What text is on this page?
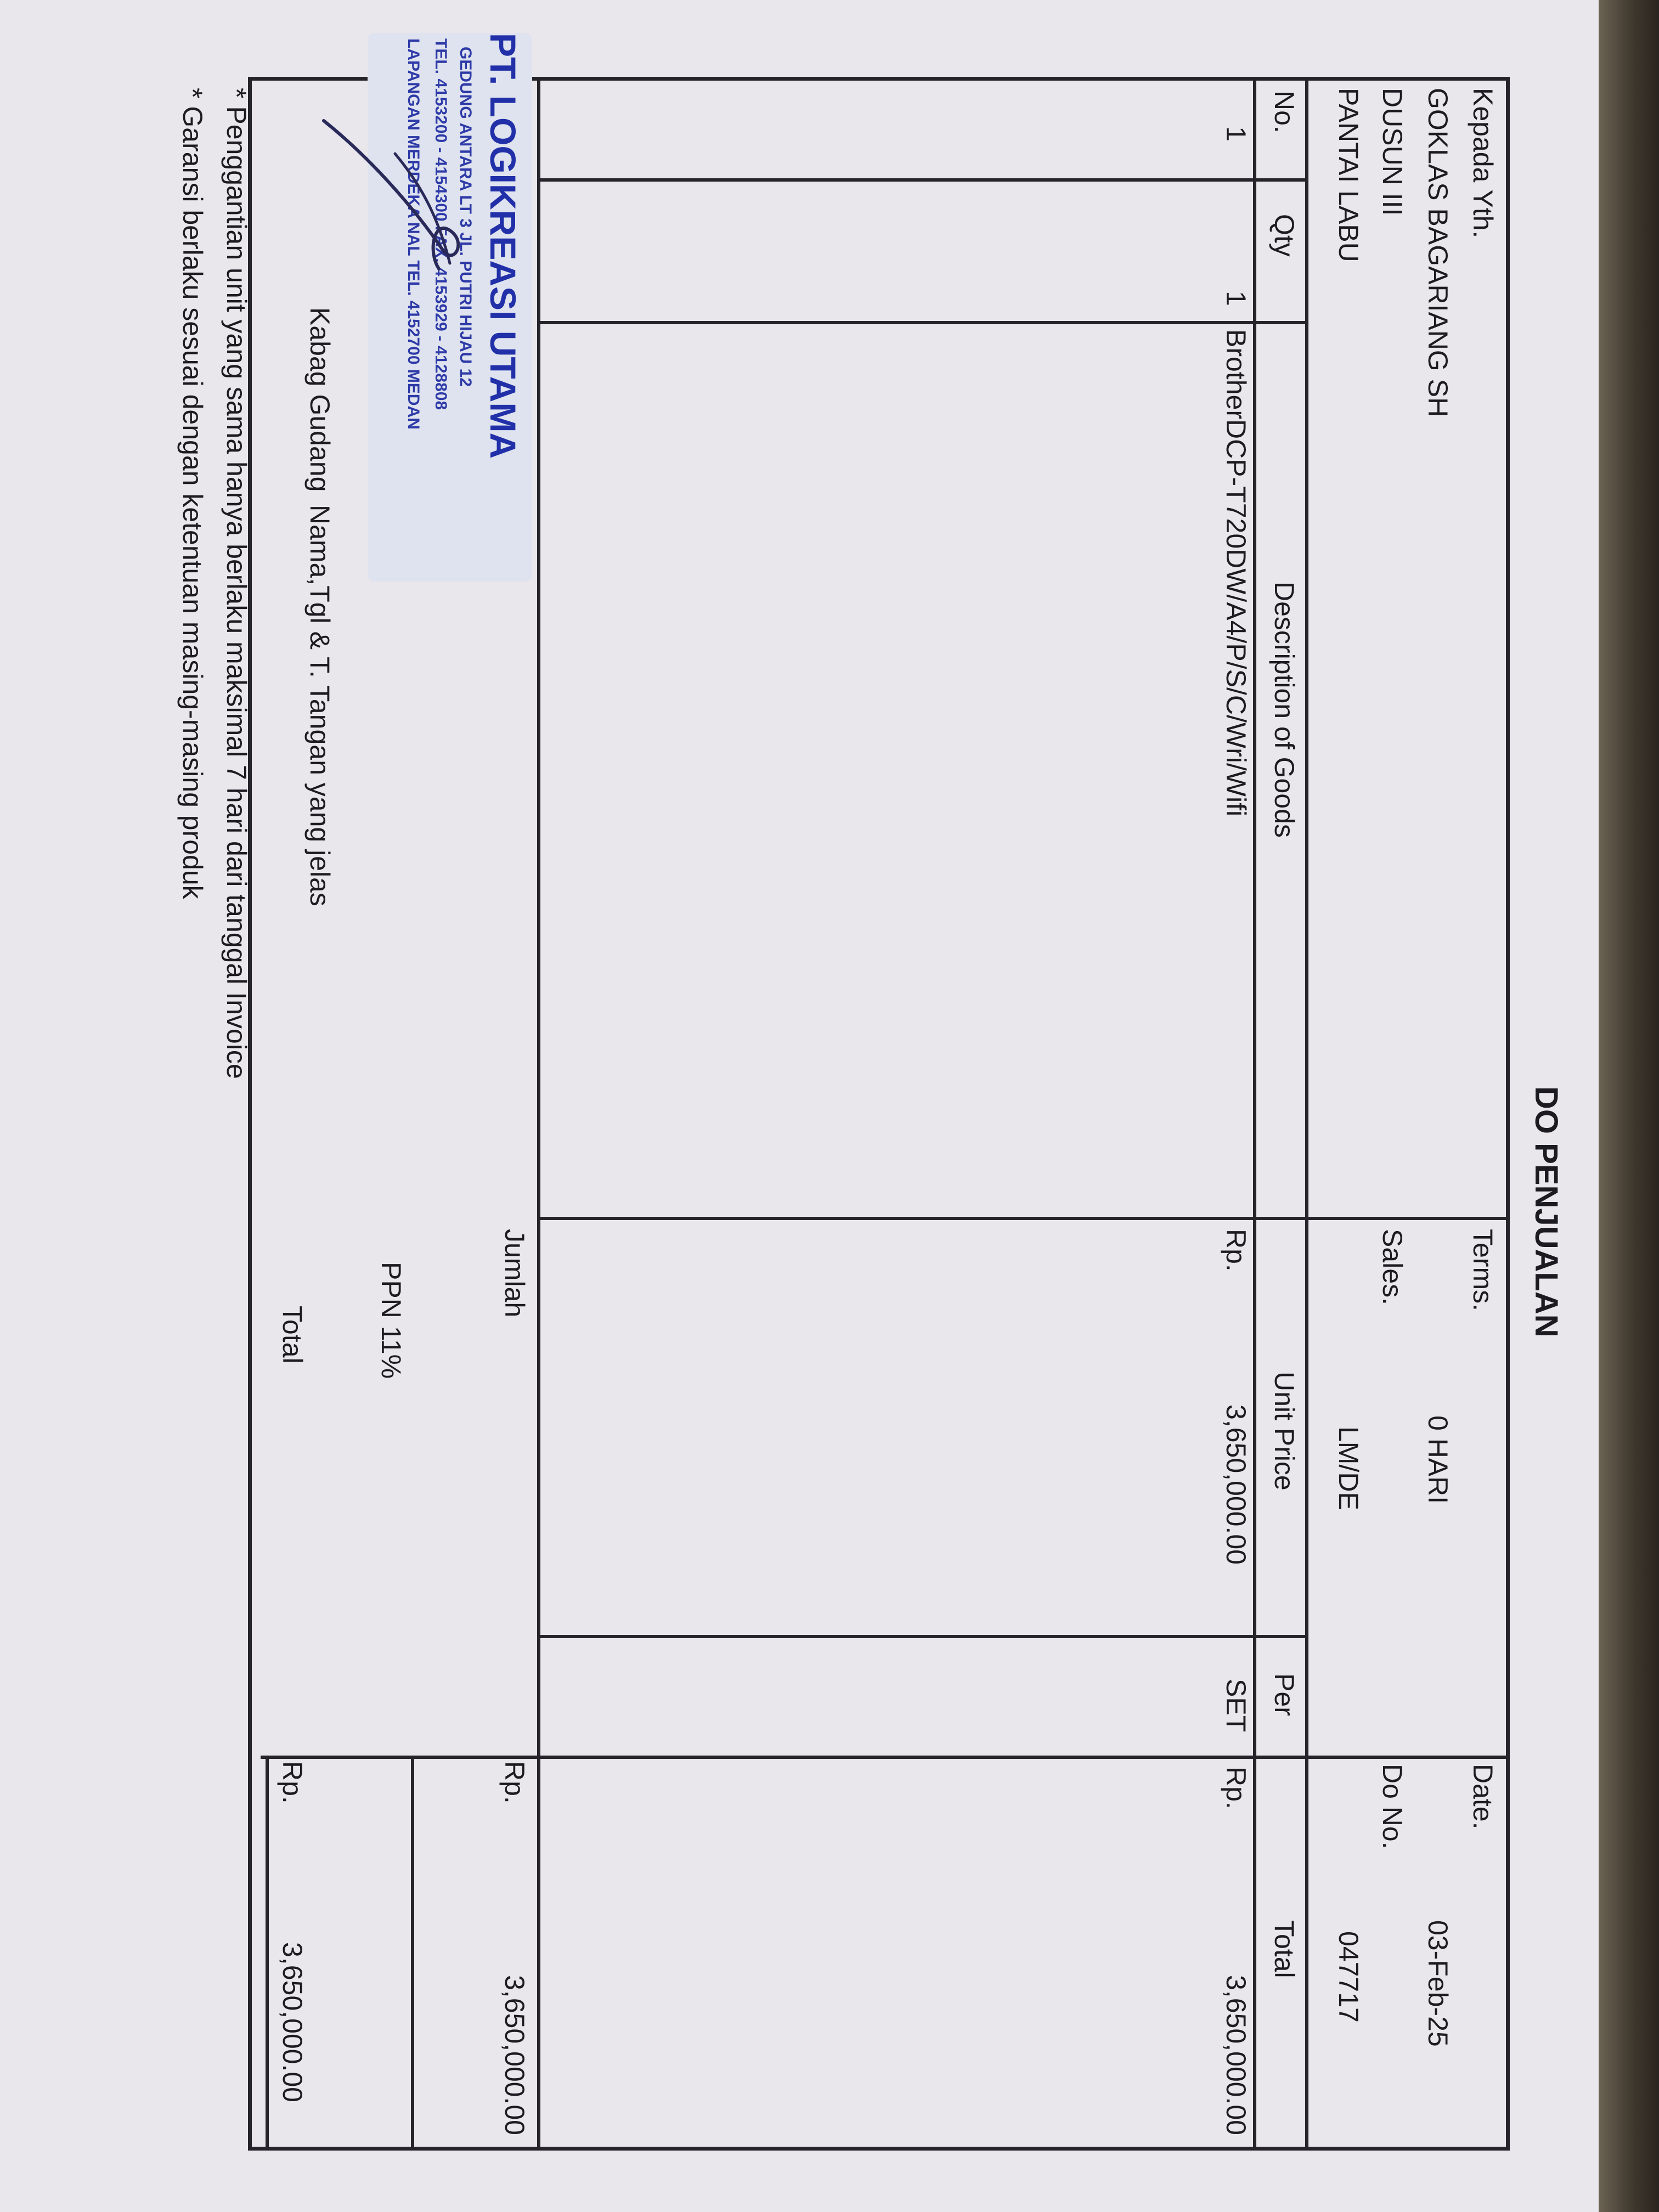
DO PENJUALAN
Kepada Yth.
GOKLAS BAGARIANG SH
DUSUN III
PANTAI LABU
Terms.
0 HARI
Sales.
LM/DE
Date.
03-Feb-25
Do No.
047717
No.
Qty
Description of Goods
Unit Price
Per
Total
1
1
BrotherDCP-T720DW/A4/P/S/C/Wri/Wifi
Rp.
3,650,000.00
SET
Rp.
3,650,000.00
Jumlah
Rp.
3,650,000.00
PPN 11%
Total
Rp.
3,650,000.00
PT. LOGIKREASI UTAMA
GEDUNG ANTARA LT 3 JL. PUTRI HIJAU 12
TEL. 4153200 - 4154300 FAX. 4153929 - 4128808
LAPANGAN MERDEKA NAL TEL. 4152700 MEDAN
Kabag Gudang
Nama,Tgl & T. Tangan yang jelas
* Penggantian unit yang sama hanya berlaku maksimal 7 hari dari tanggal Invoice
* Garansi berlaku sesuai dengan ketentuan masing-masing produk
